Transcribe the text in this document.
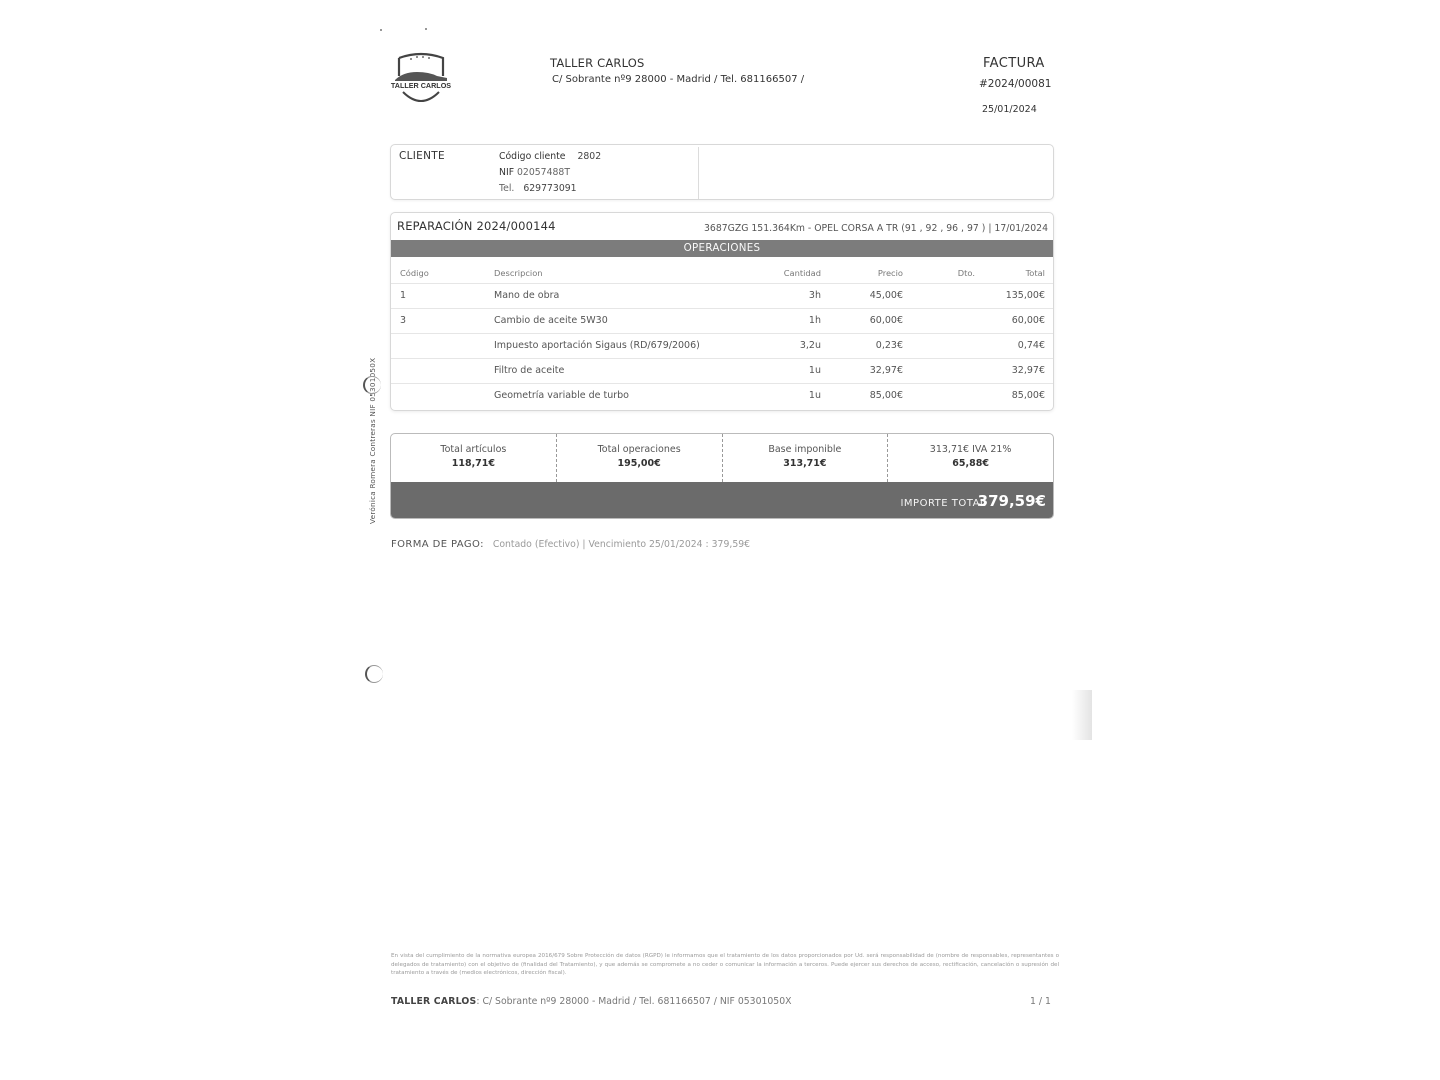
TALLER CARLOS
TALLER CARLOS
C/ Sobrante nº9 28000 - Madrid / Tel. 681166507 /
FACTURA
#2024/00081
25/01/2024
CLIENTE	Código cliente 2802
NIF 02057488T
Tel. 629773091
REPARACIÓN 2024/000144	3687GZG 151.364Km - OPEL CORSA A TR (91 , 92 , 96 , 97 ) | 17/01/2024
OPERACIONES
Código	Descripcion	Cantidad	Precio	Dto.	Total
1	Mano de obra	3h	45,00€		135,00€
3	Cambio de aceite 5W30	1h	60,00€		60,00€
	Impuesto aportación Sigaus (RD/679/2006)	3,2u	0,23€		0,74€
	Filtro de aceite	1u	32,97€		32,97€
	Geometría variable de turbo	1u	85,00€		85,00€
Total artículos
118,71€
Total operaciones
195,00€
Base imponible
313,71€
313,71€ IVA 21%
65,88€
IMPORTE TOTAL
379,59€
FORMA DE PAGO: Contado (Efectivo) | Vencimiento 25/01/2024 : 379,59€
Verónica Romera Contreras NIF 05301050X
En vista del cumplimiento de la normativa europea 2016/679 Sobre Protección de datos (RGPD) le informamos que el tratamiento de los datos proporcionados por Ud. será responsabilidad de (nombre de responsables, representantes o delegados de tratamiento) con el objetivo de (finalidad del Tratamiento), y que además se compromete a no ceder o comunicar la información a terceros. Puede ejercer sus derechos de acceso, rectificación, cancelación o supresión del tratamiento a través de (medios electrónicos, dirección fiscal).
TALLER CARLOS: C/ Sobrante nº9 28000 - Madrid / Tel. 681166507 / NIF 05301050X	1 / 1
